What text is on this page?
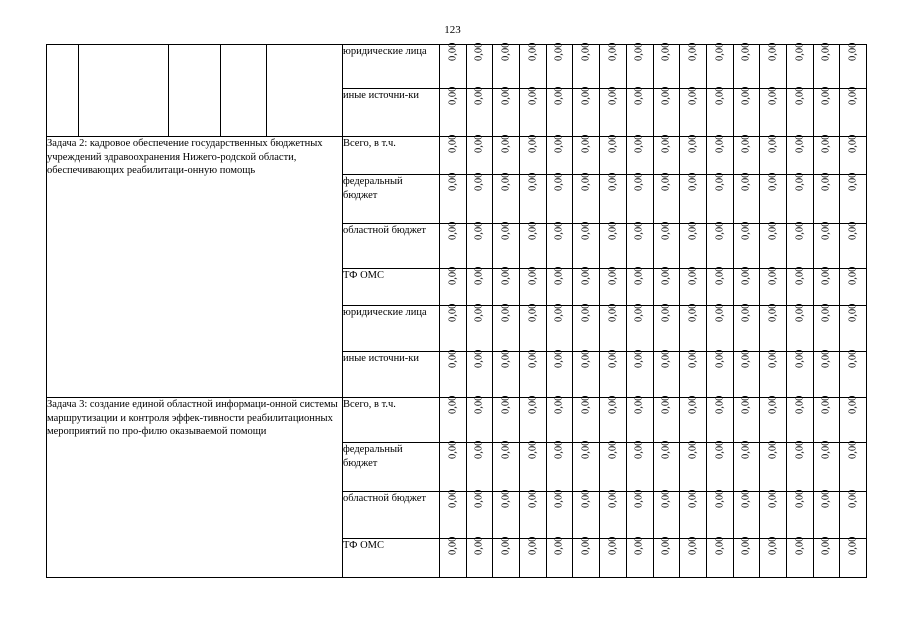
123
					юридические лица	0,00	0,00	0,00	0,00	0,00	0,00	0,00	0,00	0,00	0,00	0,00	0,00	0,00	0,00	0,00	0,00
					иные источни-ки	0,00	0,00	0,00	0,00	0,00	0,00	0,00	0,00	0,00	0,00	0,00	0,00	0,00	0,00	0,00	0,00
Задача 2: кадровое обеспечение государственных бюджетных учреждений здравоохранения Нижего-родской области, обеспечивающих реабилитаци-онную помощь					Всего, в т.ч.	0,00	0,00	0,00	0,00	0,00	0,00	0,00	0,00	0,00	0,00	0,00	0,00	0,00	0,00	0,00	0,00
					федеральный бюджет	0,00	0,00	0,00	0,00	0,00	0,00	0,00	0,00	0,00	0,00	0,00	0,00	0,00	0,00	0,00	0,00
					областной бюджет	0,00	0,00	0,00	0,00	0,00	0,00	0,00	0,00	0,00	0,00	0,00	0,00	0,00	0,00	0,00	0,00
					ТФ ОМС	0,00	0,00	0,00	0,00	0,00	0,00	0,00	0,00	0,00	0,00	0,00	0,00	0,00	0,00	0,00	0,00
					юридические лица	0,00	0,00	0,00	0,00	0,00	0,00	0,00	0,00	0,00	0,00	0,00	0,00	0,00	0,00	0,00	0,00
					иные источни-ки	0,00	0,00	0,00	0,00	0,00	0,00	0,00	0,00	0,00	0,00	0,00	0,00	0,00	0,00	0,00	0,00
Задача 3: создание единой областной информаци-онной системы маршрутизации и контроля эффек-тивности реабилитационных мероприятий по про-филю оказываемой помощи					Всего, в т.ч.	0,00	0,00	0,00	0,00	0,00	0,00	0,00	0,00	0,00	0,00	0,00	0,00	0,00	0,00	0,00	0,00
					федеральный бюджет	0,00	0,00	0,00	0,00	0,00	0,00	0,00	0,00	0,00	0,00	0,00	0,00	0,00	0,00	0,00	0,00
					областной бюджет	0,00	0,00	0,00	0,00	0,00	0,00	0,00	0,00	0,00	0,00	0,00	0,00	0,00	0,00	0,00	0,00
					ТФ ОМС	0,00	0,00	0,00	0,00	0,00	0,00	0,00	0,00	0,00	0,00	0,00	0,00	0,00	0,00	0,00	0,00
